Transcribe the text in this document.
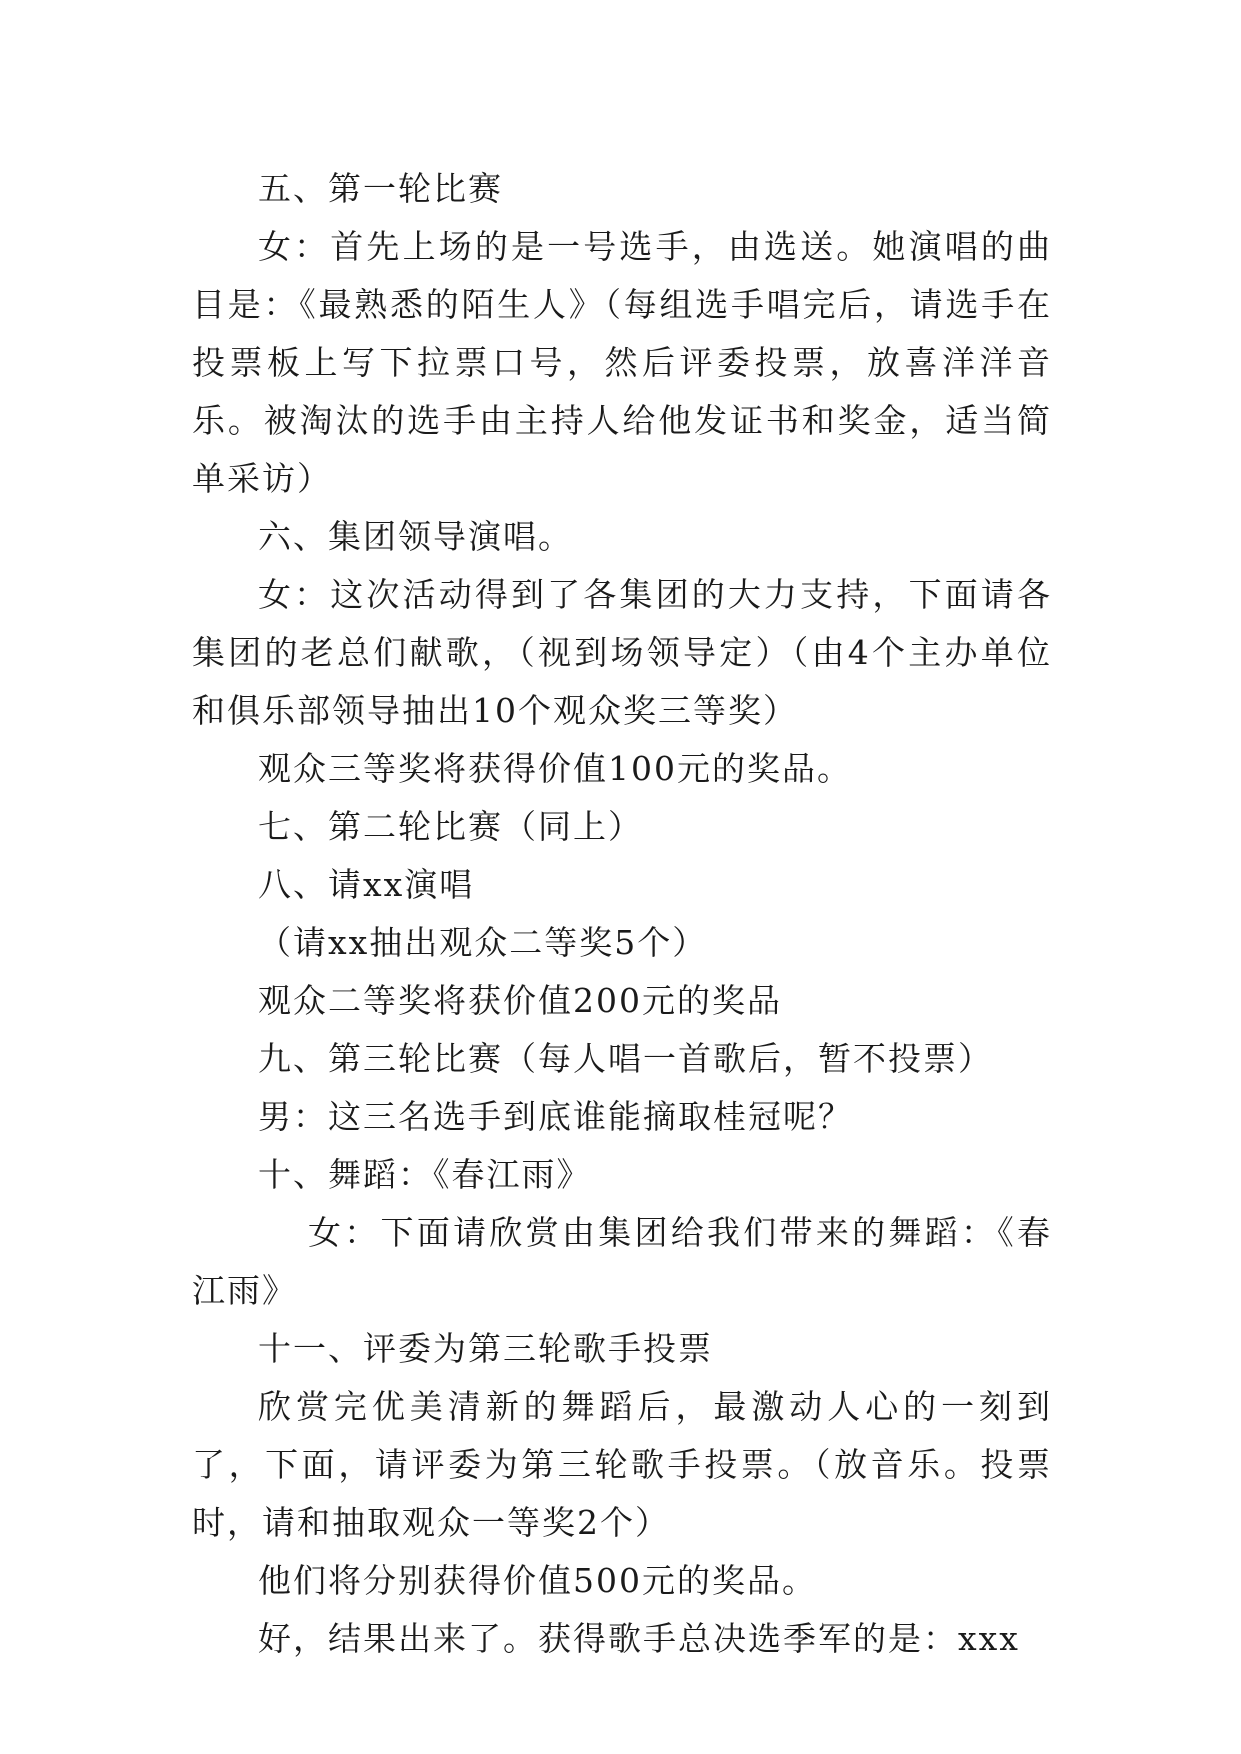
五、第一轮比赛

女：首先上场的是一号选手，由选送。她演唱的曲目是：《最熟悉的陌生人》（每组选手唱完后，请选手在投票板上写下拉票口号，然后评委投票，放喜洋洋音乐。被淘汰的选手由主持人给他发证书和奖金，适当简单采访）

六、集团领导演唱。

女：这次活动得到了各集团的大力支持，下面请各集团的老总们献歌，（视到场领导定）（由4个主办单位和俱乐部领导抽出10个观众奖三等奖）

观众三等奖将获得价值100元的奖品。

七、第二轮比赛（同上）

八、请xx演唱

（请xx抽出观众二等奖5个）

观众二等奖将获价值200元的奖品

九、第三轮比赛（每人唱一首歌后，暂不投票）

男：这三名选手到底谁能摘取桂冠呢？

十、舞蹈：《春江雨》

女：下面请欣赏由集团给我们带来的舞蹈：《春江雨》

十一、评委为第三轮歌手投票

欣赏完优美清新的舞蹈后，最激动人心的一刻到了，下面，请评委为第三轮歌手投票。（放音乐。投票时，请和抽取观众一等奖2个）

他们将分别获得价值500元的奖品。

好，结果出来了。获得歌手总决选季军的是：xxx
